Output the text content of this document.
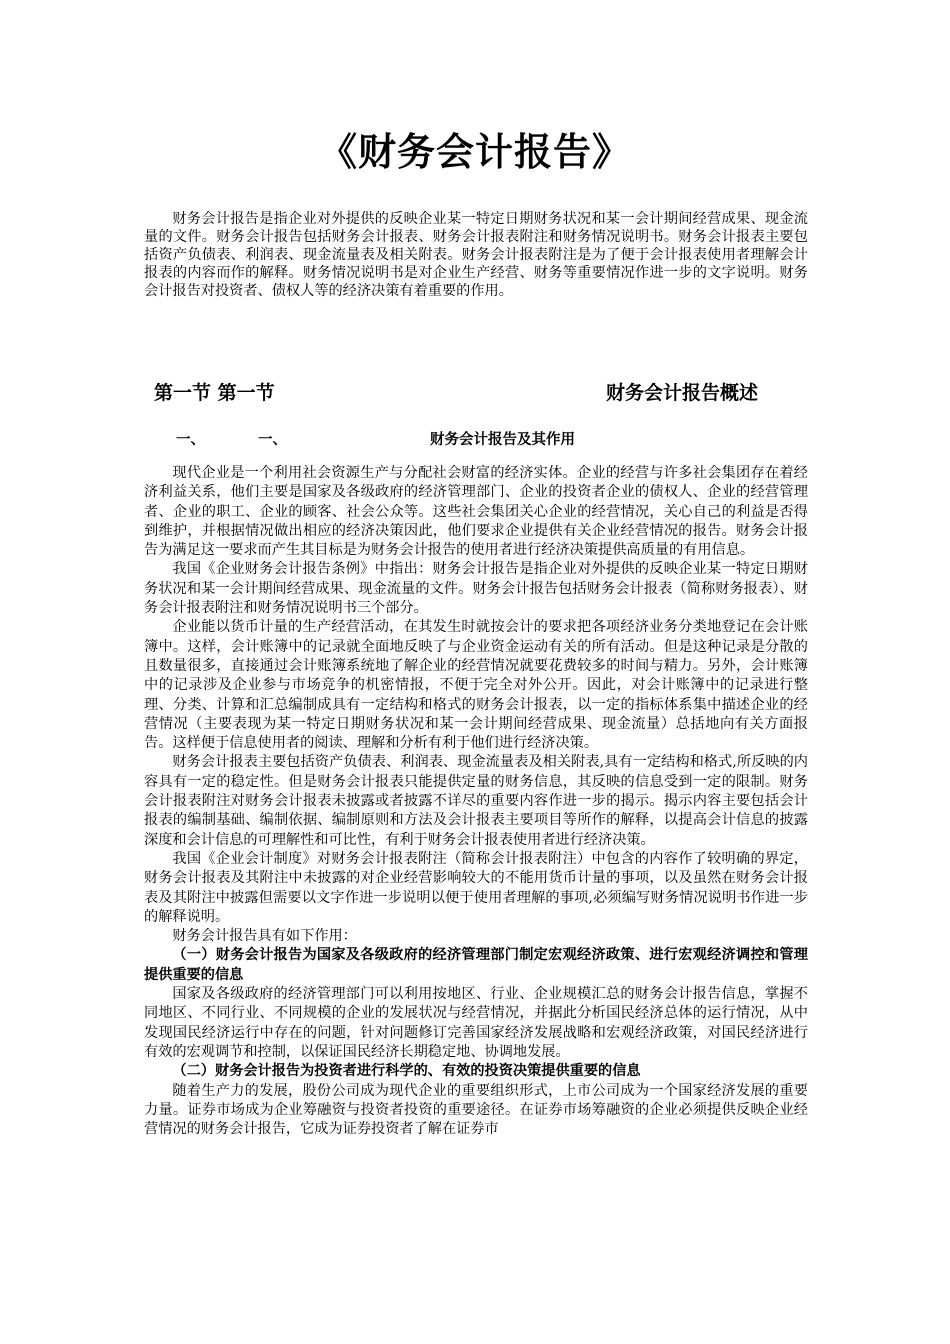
《财务会计报告》

财务会计报告是指企业对外提供的反映企业某一特定日期财务状况和某一会计期间经营成果、现金流量的文件。财务会计报告包括财务会计报表、财务会计报表附注和财务情况说明书。财务会计报表主要包括资产负债表、利润表、现金流量表及相关附表。财务会计报表附注是为了便于会计报表使用者理解会计报表的内容而作的解释。财务情况说明书是对企业生产经营、财务等重要情况作进一步的文字说明。财务会计报告对投资者、债权人等的经济决策有着重要的作用。

第一节 第一节	财务会计报告概述
一、	一、	财务会计报告及其作用

现代企业是一个利用社会资源生产与分配社会财富的经济实体。企业的经营与许多社会集团存在着经济利益关系，他们主要是国家及各级政府的经济管理部门、企业的投资者企业的债权人、企业的经营管理者、企业的职工、企业的顾客、社会公众等。这些社会集团关心企业的经营情况，关心自己的利益是否得到维护，并根据情况做出相应的经济决策因此，他们要求企业提供有关企业经营情况的报告。财务会计报告为满足这一要求而产生其目标是为财务会计报告的使用者进行经济决策提供高质量的有用信息。

我国《企业财务会计报告条例》中指出：财务会计报告是指企业对外提供的反映企业某一特定日期财务状况和某一会计期间经营成果、现金流量的文件。财务会计报告包括财务会计报表（简称财务报表）、财务会计报表附注和财务情况说明书三个部分。

企业能以货币计量的生产经营活动，在其发生时就按会计的要求把各项经济业务分类地登记在会计账簿中。这样，会计账簿中的记录就全面地反映了与企业资金运动有关的所有活动。但是这种记录是分散的且数量很多，直接通过会计账簿系统地了解企业的经营情况就要花费较多的时间与精力。另外，会计账簿中的记录涉及企业参与市场竞争的机密情报，不便于完全对外公开。因此，对会计账簿中的记录进行整理、分类、计算和汇总编制成具有一定结构和格式的财务会计报表，以一定的指标体系集中描述企业的经营情况（主要表现为某一特定日期财务状况和某一会计期间经营成果、现金流量）总括地向有关方面报告。这样便于信息使用者的阅读、理解和分析有利于他们进行经济决策。

财务会计报表主要包括资产负债表、利润表、现金流量表及相关附表,具有一定结构和格式,所反映的内容具有一定的稳定性。但是财务会计报表只能提供定量的财务信息，其反映的信息受到一定的限制。财务会计报表附注对财务会计报表未披露或者披露不详尽的重要内容作进一步的揭示。揭示内容主要包括会计报表的编制基础、编制依据、编制原则和方法及会计报表主要项目等所作的解释，以提高会计信息的披露深度和会计信息的可理解性和可比性，有利于财务会计报表使用者进行经济决策。

我国《企业会计制度》对财务会计报表附注（简称会计报表附注）中包含的内容作了较明确的界定，财务会计报表及其附注中未披露的对企业经营影响较大的不能用货币计量的事项，以及虽然在财务会计报表及其附注中披露但需要以文字作进一步说明以便于使用者理解的事项,必须编写财务情况说明书作进一步的解释说明。

财务会计报告具有如下作用：

（一）财务会计报告为国家及各级政府的经济管理部门制定宏观经济政策、进行宏观经济调控和管理提供重要的信息

国家及各级政府的经济管理部门可以利用按地区、行业、企业规模汇总的财务会计报告信息，掌握不同地区、不同行业、不同规模的企业的发展状况与经营情况，并据此分析国民经济总体的运行情况，从中发现国民经济运行中存在的问题，针对问题修订完善国家经济发展战略和宏观经济政策，对国民经济进行有效的宏观调节和控制，以保证国民经济长期稳定地、协调地发展。

（二）财务会计报告为投资者进行科学的、有效的投资决策提供重要的信息

随着生产力的发展，股份公司成为现代企业的重要组织形式，上市公司成为一个国家经济发展的重要力量。证券市场成为企业筹融资与投资者投资的重要途径。在证券市场筹融资的企业必须提供反映企业经营情况的财务会计报告，它成为证券投资者了解在证券市
